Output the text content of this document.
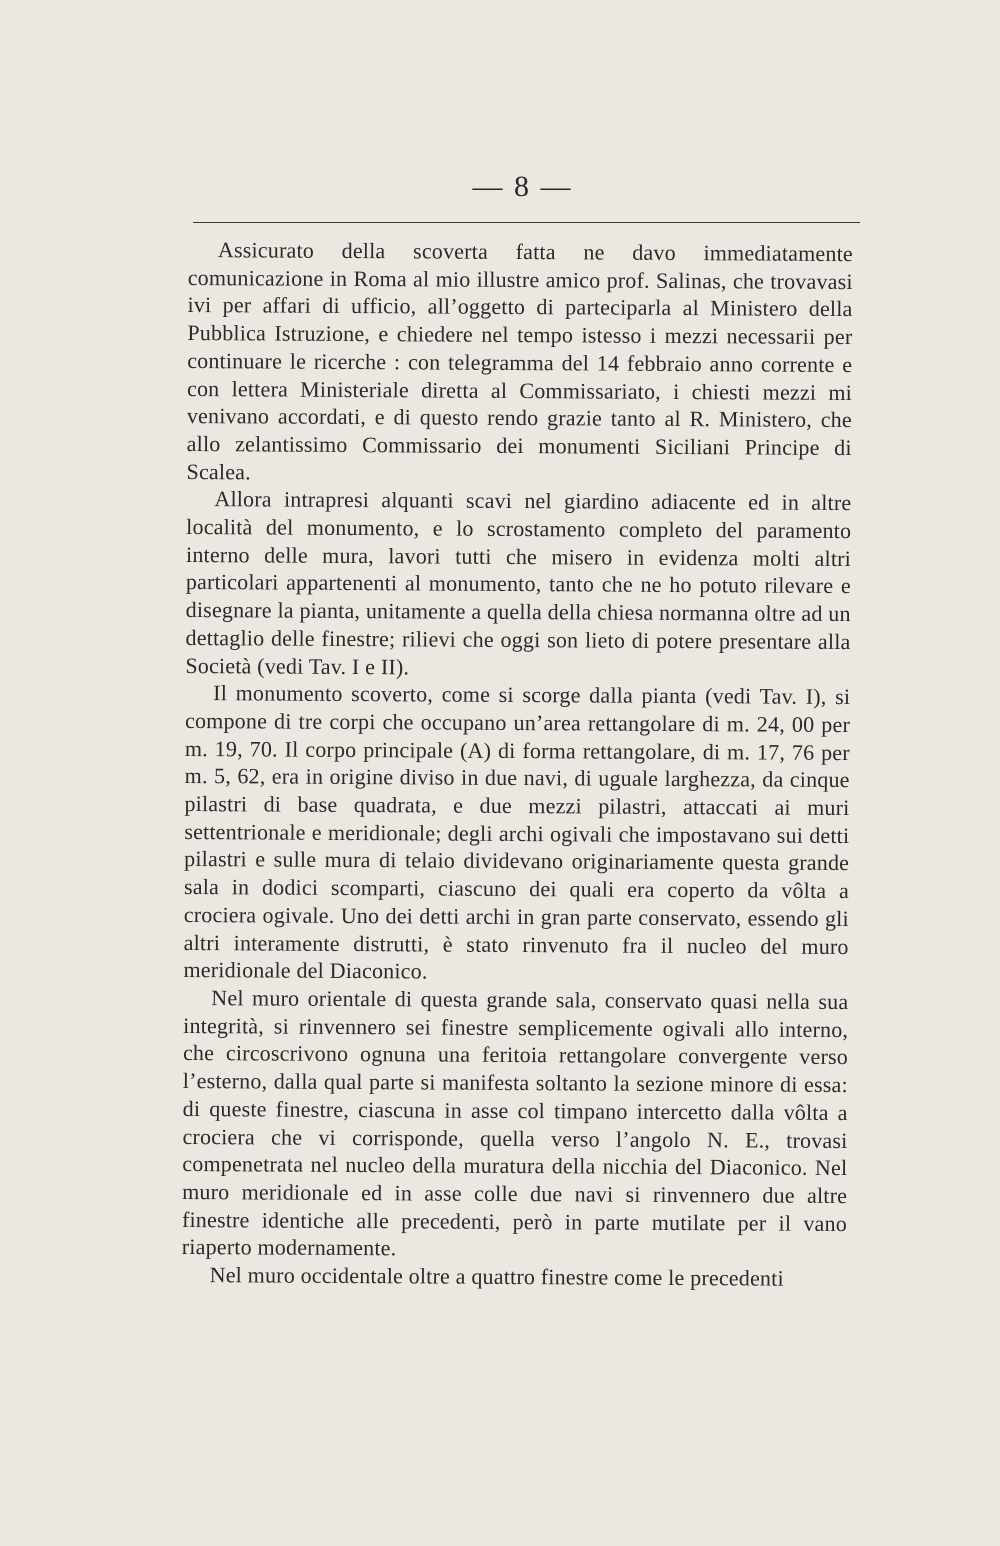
— 8 —

Assicurato della scoverta fatta ne davo immediatamente comunicazione in Roma al mio illustre amico prof. Salinas, che trovavasi ivi per affari di ufficio, all’oggetto di parteciparla al Ministero della Pubblica Istruzione, e chiedere nel tempo istesso i mezzi necessarii per continuare le ricerche : con telegramma del 14 febbraio anno corrente e con lettera Ministeriale diretta al Commissariato, i chiesti mezzi mi venivano accordati, e di questo rendo grazie tanto al R. Ministero, che allo zelantissimo Commissario dei monumenti Siciliani Principe di Scalea.

Allora intrapresi alquanti scavi nel giardino adiacente ed in altre località del monumento, e lo scrostamento completo del paramento interno delle mura, lavori tutti che misero in evidenza molti altri particolari appartenenti al monumento, tanto che ne ho potuto rilevare e disegnare la pianta, unitamente a quella della chiesa normanna oltre ad un dettaglio delle finestre; rilievi che oggi son lieto di potere presentare alla Società (vedi Tav. I e II).

Il monumento scoverto, come si scorge dalla pianta (vedi Tav. I), si compone di tre corpi che occupano un’area rettangolare di m. 24, 00 per m. 19, 70. Il corpo principale (A) di forma rettangolare, di m. 17, 76 per m. 5, 62, era in origine diviso in due navi, di uguale larghezza, da cinque pilastri di base quadrata, e due mezzi pilastri, attaccati ai muri settentrionale e meridionale; degli archi ogivali che impostavano sui detti pilastri e sulle mura di telaio dividevano originariamente questa grande sala in dodici scomparti, ciascuno dei quali era coperto da vôlta a crociera ogivale. Uno dei detti archi in gran parte conservato, essendo gli altri interamente distrutti, è stato rinvenuto fra il nucleo del muro meridionale del Diaconico.

Nel muro orientale di questa grande sala, conservato quasi nella sua integrità, si rinvennero sei finestre semplicemente ogivali allo interno, che circoscrivono ognuna una feritoia rettangolare convergente verso l’esterno, dalla qual parte si manifesta soltanto la sezione minore di essa: di queste finestre, ciascuna in asse col timpano intercetto dalla vôlta a crociera che vi corrisponde, quella verso l’angolo N. E., trovasi compenetrata nel nucleo della muratura della nicchia del Diaconico. Nel muro meridionale ed in asse colle due navi si rinvennero due altre finestre identiche alle precedenti, però in parte mutilate per il vano riaperto modernamente.

Nel muro occidentale oltre a quattro finestre come le precedenti
